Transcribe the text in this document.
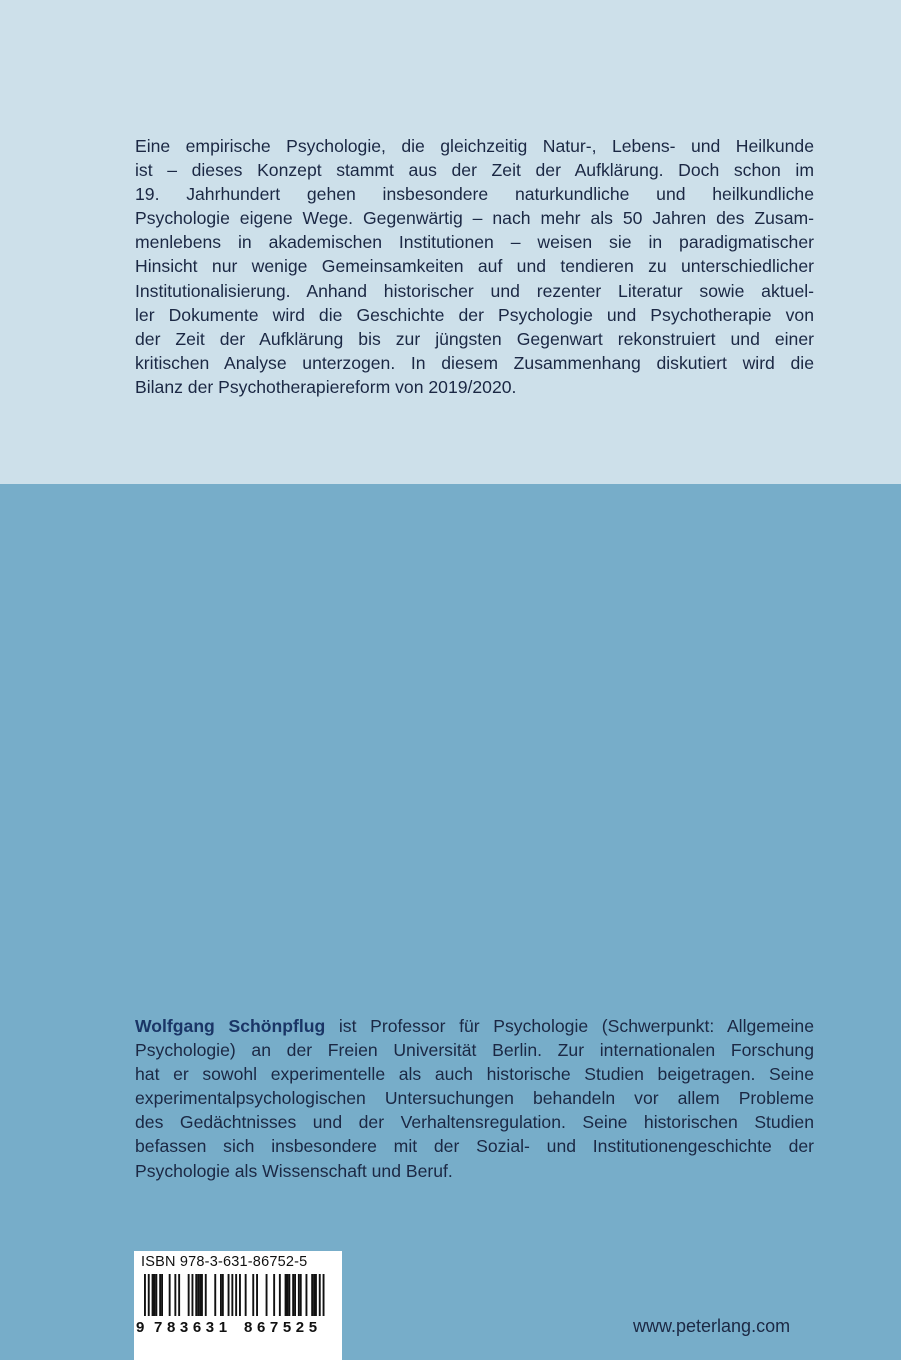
Eine empirische Psychologie, die gleichzeitig Natur-, Lebens- und Heilkunde
ist – dieses Konzept stammt aus der Zeit der Aufklärung. Doch schon im
19. Jahrhundert gehen insbesondere naturkundliche und heilkundliche
Psychologie eigene Wege. Gegenwärtig – nach mehr als 50 Jahren des Zusam-
menlebens in akademischen Institutionen – weisen sie in paradigmatischer
Hinsicht nur wenige Gemeinsamkeiten auf und tendieren zu unterschiedlicher
Institutionalisierung. Anhand historischer und rezenter Literatur sowie aktuel-
ler Dokumente wird die Geschichte der Psychologie und Psychotherapie von
der Zeit der Aufklärung bis zur jüngsten Gegenwart rekonstruiert und einer
kritischen Analyse unterzogen. In diesem Zusammenhang diskutiert wird die
Bilanz der Psychotherapiereform von 2019/2020.
Wolfgang Schönpflug ist Professor für Psychologie (Schwerpunkt: Allgemeine
Psychologie) an der Freien Universität Berlin. Zur internationalen Forschung
hat er sowohl experimentelle als auch historische Studien beigetragen. Seine
experimentalpsychologischen Untersuchungen behandeln vor allem Probleme
des Gedächtnisses und der Verhaltensregulation. Seine historischen Studien
befassen sich insbesondere mit der Sozial- und Institutionengeschichte der
Psychologie als Wissenschaft und Beruf.
ISBN 978-3-631-86752-5
9 783631 867525	www.peterlang.com
